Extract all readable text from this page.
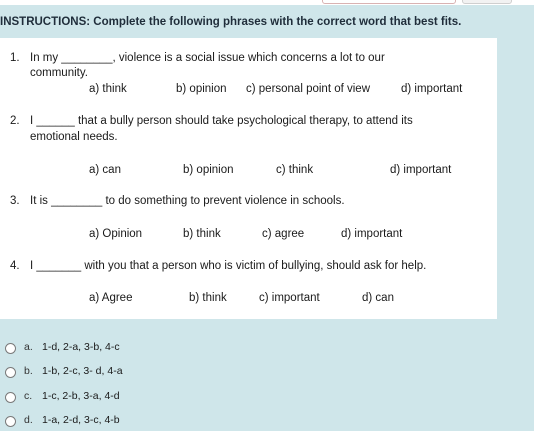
INSTRUCTIONS: Complete the following phrases with the correct word that best fits.
1. In my ________, violence is a social issue which concerns a lot to our
community.
a) think	b) opinion c) personal point of view	d) important
2. I ______ that a bully person should take psychological therapy, to attend its
emotional needs.
a) can	b) opinion	c) think	d) important
3. It is ________ to do something to prevent violence in schools.
a) Opinion	b) think	c) agree	d) important
4. I _______ with you that a person who is victim of bullying, should ask for help.
a) Agree	b) think	c) important	d) can
a. 1-d, 2-a, 3-b, 4-c
b. 1-b, 2-c, 3- d, 4-a
c. 1-c, 2-b, 3-a, 4-d
d. 1-a, 2-d, 3-c, 4-b
